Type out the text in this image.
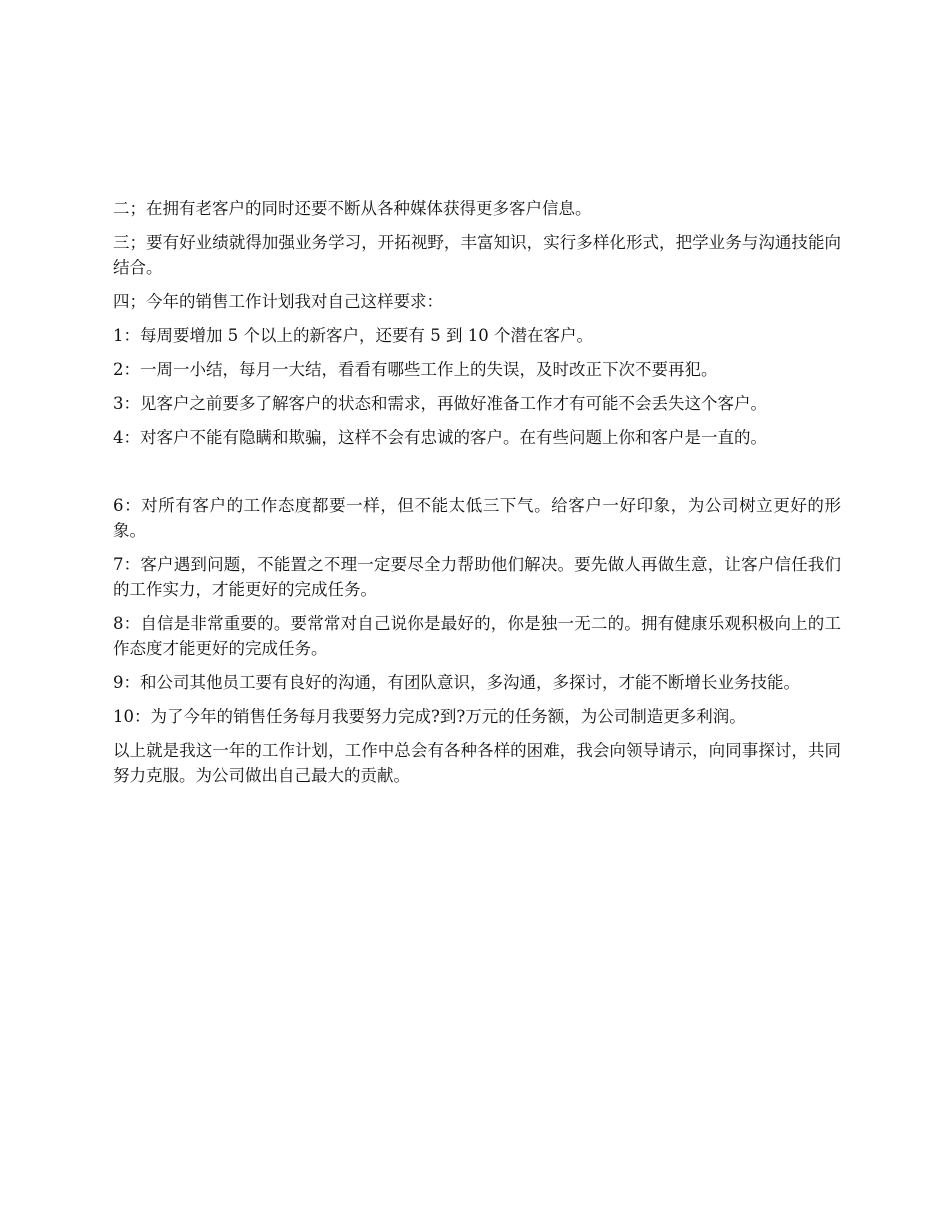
二；在拥有老客户的同时还要不断从各种媒体获得更多客户信息。

三；要有好业绩就得加强业务学习，开拓视野，丰富知识，实行多样化形式，把学业务与沟通技能向结合。

四；今年的销售工作计划我对自己这样要求：

1：每周要增加 5 个以上的新客户，还要有 5 到 10 个潜在客户。

2：一周一小结，每月一大结，看看有哪些工作上的失误，及时改正下次不要再犯。

3：见客户之前要多了解客户的状态和需求，再做好准备工作才有可能不会丢失这个客户。

4：对客户不能有隐瞒和欺骗，这样不会有忠诚的客户。在有些问题上你和客户是一直的。

6：对所有客户的工作态度都要一样，但不能太低三下气。给客户一好印象，为公司树立更好的形象。

7：客户遇到问题，不能置之不理一定要尽全力帮助他们解决。要先做人再做生意，让客户信任我们的工作实力，才能更好的完成任务。

8：自信是非常重要的。要常常对自己说你是最好的，你是独一无二的。拥有健康乐观积极向上的工作态度才能更好的完成任务。

9：和公司其他员工要有良好的沟通，有团队意识，多沟通，多探讨，才能不断增长业务技能。

10：为了今年的销售任务每月我要努力完成?到?万元的任务额，为公司制造更多利润。

以上就是我这一年的工作计划，工作中总会有各种各样的困难，我会向领导请示，向同事探讨，共同努力克服。为公司做出自己最大的贡献。
